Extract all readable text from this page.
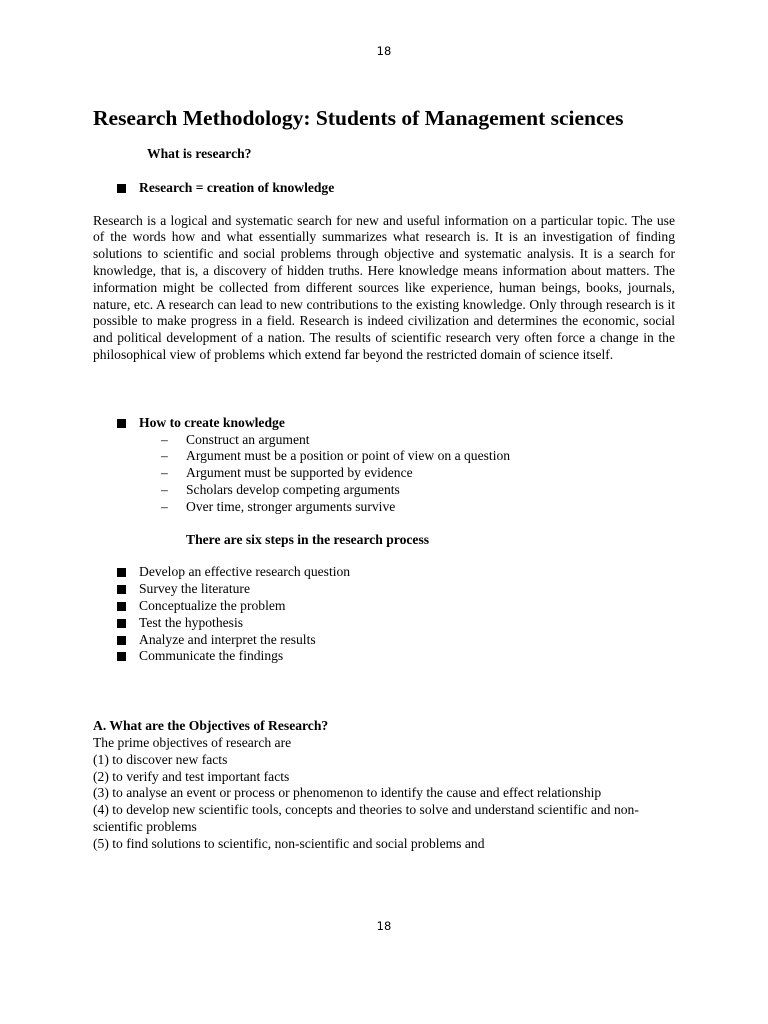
18
Research Methodology: Students of Management sciences

What is research?

Research = creation of knowledge

Research is a logical and systematic search for new and useful information on a particular topic. The use of the words how and what essentially summarizes what research is. It is an investigation of finding solutions to scientific and social problems through objective and systematic analysis. It is a search for knowledge, that is, a discovery of hidden truths. Here knowledge means information about matters. The information might be collected from different sources like experience, human beings, books, journals, nature, etc. A research can lead to new contributions to the existing knowledge. Only through research is it possible to make progress in a field. Research is indeed civilization and determines the economic, social and political development of a nation. The results of scientific research very often force a change in the philosophical view of problems which extend far beyond the restricted domain of science itself.

How to create knowledge
– Construct an argument
– Argument must be a position or point of view on a question
– Argument must be supported by evidence
– Scholars develop competing arguments
– Over time, stronger arguments survive

There are six steps in the research process

Develop an effective research question
Survey the literature
Conceptualize the problem
Test the hypothesis
Analyze and interpret the results
Communicate the findings

A. What are the Objectives of Research?

The prime objectives of research are

(1) to discover new facts

(2) to verify and test important facts

(3) to analyse an event or process or phenomenon to identify the cause and effect relationship

(4) to develop new scientific tools, concepts and theories to solve and understand scientific and non-scientific problems

(5) to find solutions to scientific, non-scientific and social problems and

18
